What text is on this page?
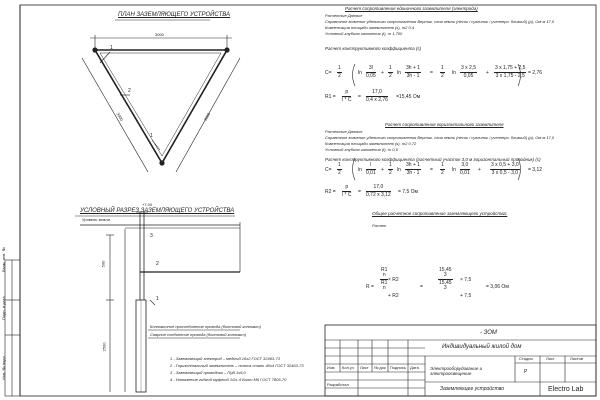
ПЛАН ЗАЗЕМЛЯЮЩЕГО УСТРОЙСТВА
3000
3000	3000
1
2
1
УСЛОВНЫЙ РАЗРЕЗ ЗАЗЕМЛЯЮЩЕГО УСТРОЙСТВА
+7.00
Уровень земли
500
2500
3
2
1
Контактное присоединение провода (болтовой контакт)
Сварное соединение провода (болтовой контакт)
1 - Заземляющий электрод – медный 16х2 ГОСТ 32463-73
2 - Горизонтальный заземлитель – полоса сталь 40х4 ГОСТ 32463-73
3 - Заземляющий проводник – ПуВ 1х6,0
4 - Натяжение гибкой муфтой 1/2х-4 Болт М6 ГОСТ 7805-70
Расчет сопротивления единичного заземлителя (электрода)
Расчетные Данные
Справочное значение удельного сопротивления Вертик. слоя земли (песок / суглинок / ученнеро. близкий) (р), Ом·м 17,0
Компенсация площади заземлителя (s), m2 0,4
Условный глубина заложения (t), m 1,750
Расчет конструктивного коэффициента (c)
$C= \frac{1}{2}$	$\ln \frac{3l}{0,05} + \frac{1}{2}$ $\ln \frac{3h + 1}{3h - 1} = \frac{1}{2}$ $\ln \frac{3 x 2,5}{0,05} + \frac{3 x 1,75 + 2,5}{3 x 1,75 - 2,5} = 2,76$
$R1 = \frac{p}{l * C} = \frac{17,0}{0,4 x 2,76} =15,45$ Ом
Расчет сопротивления горизонтального заземлителя
Расчетные Данные
Справочное значение удельного сопротивления Вертик. слоя земли (песок / суглинок / ученнеро. близкий) (р), Ом·м 17,0
Компенсация площади заземлителя (s), m2 0,72
Условный глубина заложения (t), m 0,5
Расчет конструктивного коэффициента (расчетный участок 3,0 м горизонтальный проводник) (c)
$C= \frac{1}{2}$	$\ln \frac{l}{0,01} + \frac{1}{2}$ $\ln \frac{3h + 1}{3h - 1} = \frac{1}{2}$ $\ln \frac{3,0}{0,01} + \frac{3 x 0,5 + 3,0}{3 x 0,5 - 3,0} = 3,12$
$R2 = \frac{p}{l * C} = \frac{17,0}{0,72 x 3,12} = 7,5$ Ом
Общее расчетное сопротивление заземляющего устройства:
Расчет
R =
R1
n
R1
n
× R2
+ R2
=
15,45
3
15,45
3
× 7,5
+ 7,5
= 3,06 Ом
- ЗОМ
Индивидуальный жилой дом
Электрооборудование и электроосвещение
Стадия	Лист	Листов
Р
Заземляющее устройство	Electro Lab
Изм Кол.уч Лист № док Подпись Дата
Разработал
Взам. инв. №
Подп. и дата
Инв. № подл.
